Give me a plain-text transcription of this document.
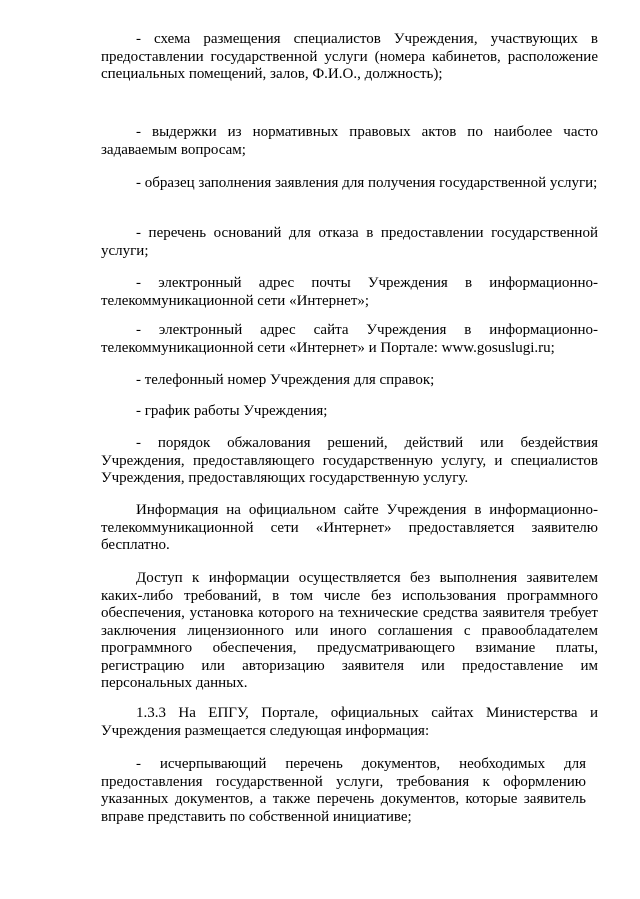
- схема размещения специалистов Учреждения, участвующих в предоставлении государственной услуги (номера кабинетов, расположение специальных помещений, залов, Ф.И.О., должность);

- выдержки из нормативных правовых актов по наиболее часто задаваемым вопросам;

- образец заполнения заявления для получения государственной услуги;

- перечень оснований для отказа в предоставлении государственной услуги;

- электронный адрес почты Учреждения в информационно-телекоммуникационной сети «Интернет»;

- электронный адрес сайта Учреждения в информационно-телекоммуникационной сети «Интернет» и Портале: www.gosuslugi.ru;

- телефонный номер Учреждения для справок;

- график работы Учреждения;

- порядок обжалования решений, действий или бездействия Учреждения, предоставляющего государственную услугу, и специалистов Учреждения, предоставляющих государственную услугу.

Информация на официальном сайте Учреждения в информационно-телекоммуникационной сети «Интернет» предоставляется заявителю бесплатно.

Доступ к информации осуществляется без выполнения заявителем каких-либо требований, в том числе без использования программного обеспечения, установка которого на технические средства заявителя требует заключения лицензионного или иного соглашения с правообладателем программного обеспечения, предусматривающего взимание платы, регистрацию или авторизацию заявителя или предоставление им персональных данных.

1.3.3 На ЕПГУ, Портале, официальных сайтах Министерства и Учреждения размещается следующая информация:

- исчерпывающий перечень документов, необходимых для предоставления государственной услуги, требования к оформлению указанных документов, а также перечень документов, которые заявитель вправе представить по собственной инициативе;
